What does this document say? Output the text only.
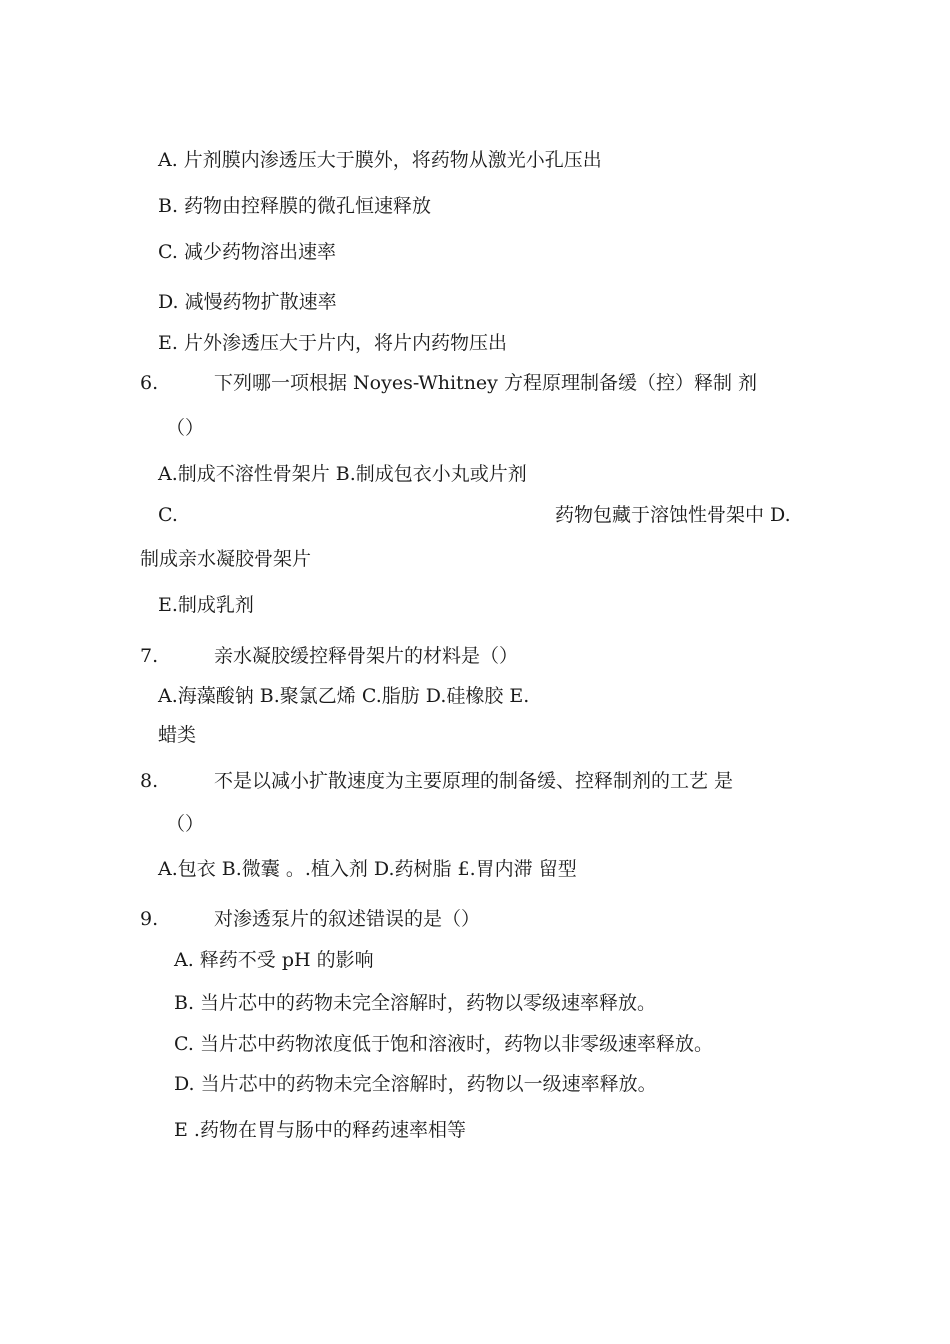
A. 片剂膜内渗透压大于膜外，将药物从激光小孔压出
B. 药物由控释膜的微孔恒速释放
C. 减少药物溶出速率
D. 减慢药物扩散速率
E. 片外渗透压大于片内，将片内药物压出
6.	下列哪一项根据 Noyes-Whitney 方程原理制备缓（控）释制 剂
（）
A.制成不溶性骨架片 B.制成包衣小丸或片剂
C.	药物包藏于溶蚀性骨架中 D.
制成亲水凝胶骨架片
E.制成乳剂
7.	亲水凝胶缓控释骨架片的材料是（）
A.海藻酸钠 B.聚氯乙烯 C.脂肪 D.硅橡胶 E.
蜡类
8.	不是以减小扩散速度为主要原理的制备缓、控释制剂的工艺 是
（）
A.包衣 B.微囊 。.植入剂 D.药树脂 £.胃内滞 留型
9.	对渗透泵片的叙述错误的是（）
A. 释药不受 pH 的影响
B. 当片芯中的药物未完全溶解时，药物以零级速率释放。
C. 当片芯中药物浓度低于饱和溶液时，药物以非零级速率释放。
D. 当片芯中的药物未完全溶解时，药物以一级速率释放。
E .药物在胃与肠中的释药速率相等
